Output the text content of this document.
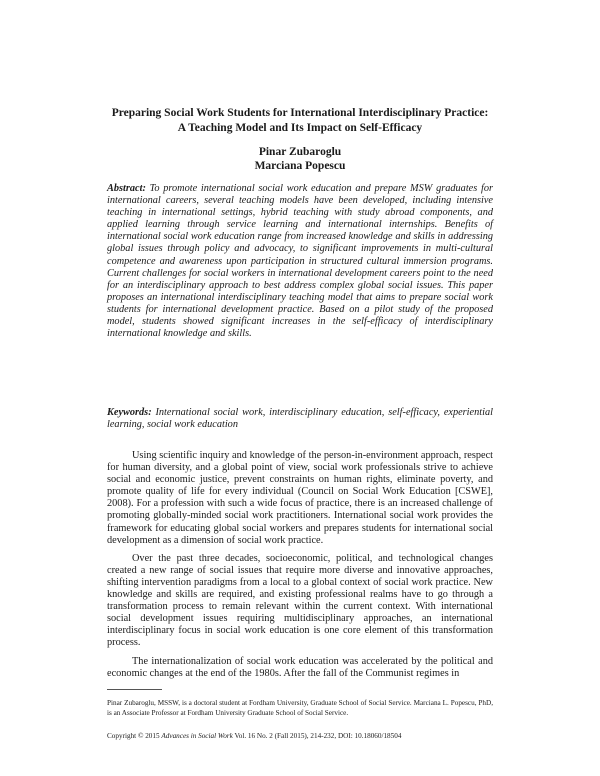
Preparing Social Work Students for International Interdisciplinary Practice:
A Teaching Model and Its Impact on Self-Efficacy
Pinar Zubaroglu
Marciana Popescu
Abstract: To promote international social work education and prepare MSW graduates for international careers, several teaching models have been developed, including intensive teaching in international settings, hybrid teaching with study abroad components, and applied learning through service learning and international internships. Benefits of international social work education range from increased knowledge and skills in addressing global issues through policy and advocacy, to significant improvements in multi-cultural competence and awareness upon participation in structured cultural immersion programs. Current challenges for social workers in international development careers point to the need for an interdisciplinary approach to best address complex global social issues. This paper proposes an international interdisciplinary teaching model that aims to prepare social work students for international development practice. Based on a pilot study of the proposed model, students showed significant increases in the self-efficacy of interdisciplinary international knowledge and skills.
Keywords: International social work, interdisciplinary education, self-efficacy, experiential learning, social work education

Using scientific inquiry and knowledge of the person-in-environment approach, respect for human diversity, and a global point of view, social work professionals strive to achieve social and economic justice, prevent constraints on human rights, eliminate poverty, and promote quality of life for every individual (Council on Social Work Education [CSWE], 2008). For a profession with such a wide focus of practice, there is an increased challenge of promoting globally-minded social work practitioners. International social work provides the framework for educating global social workers and prepares students for international social development as a dimension of social work practice.

Over the past three decades, socioeconomic, political, and technological changes created a new range of social issues that require more diverse and innovative approaches, shifting intervention paradigms from a local to a global context of social work practice. New knowledge and skills are required, and existing professional realms have to go through a transformation process to remain relevant within the current context. With international social development issues requiring multidisciplinary approaches, an international interdisciplinary focus in social work education is one core element of this transformation process.

The internationalization of social work education was accelerated by the political and economic changes at the end of the 1980s. After the fall of the Communist regimes in

Pinar Zubaroglu, MSSW, is a doctoral student at Fordham University, Graduate School of Social Service. Marciana L. Popescu, PhD, is an Associate Professor at Fordham University Graduate School of Social Service.
Copyright © 2015 Advances in Social Work Vol. 16 No. 2 (Fall 2015), 214-232, DOI: 10.18060/18504
